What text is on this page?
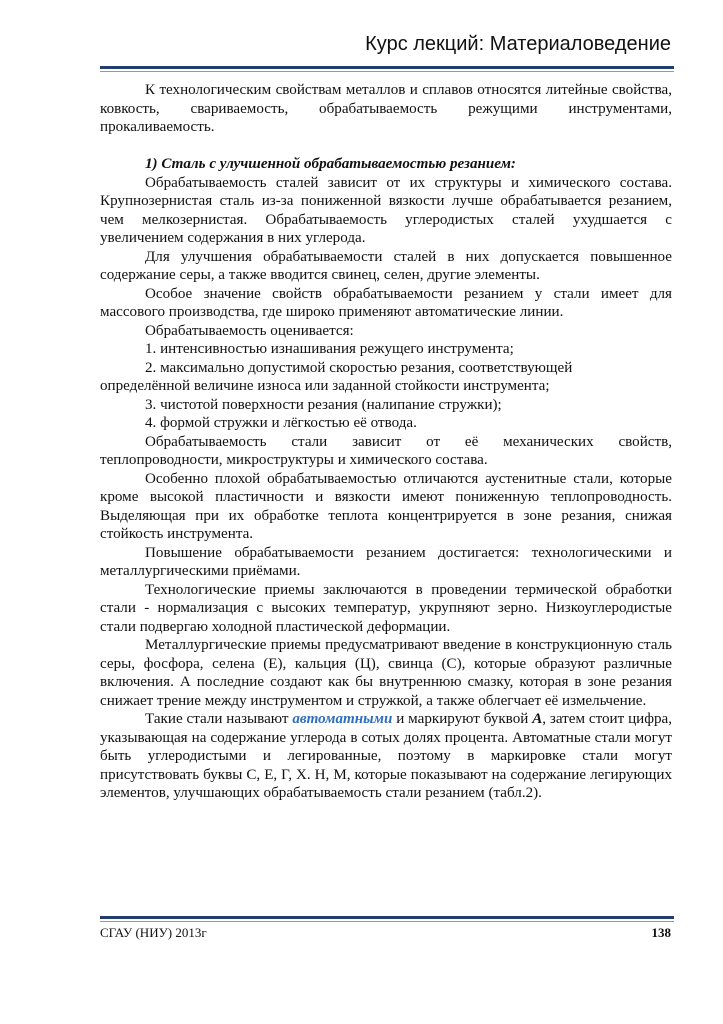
Курс лекций: Материаловедение

К технологическим свойствам металлов и сплавов относятся литейные свойства, ковкость, свариваемость, обрабатываемость режущими инструментами, прокаливаемость.

1) Сталь с улучшенной обрабатываемостью резанием:

Обрабатываемость сталей зависит от их структуры и химического состава. Крупнозернистая сталь из-за пониженной вязкости лучше обрабатывается резанием, чем мелкозернистая. Обрабатываемость углеродистых сталей ухудшается с увеличением содержания в них углерода.

Для улучшения обрабатываемости сталей в них допускается повышенное содержание серы, а также вводится свинец, селен, другие элементы.

Особое значение свойств обрабатываемости резанием у стали имеет для массового производства, где широко применяют автоматические линии.

Обрабатываемость оценивается:

1. интенсивностью изнашивания режущего инструмента;

2. максимально допустимой скоростью резания, соответствующей

определённой величине износа или заданной стойкости инструмента;

3. чистотой поверхности резания (налипание стружки);

4. формой стружки и лёгкостью её отвода.

Обрабатываемость стали зависит от её механических свойств, теплопроводности, микроструктуры и химического состава.

Особенно плохой обрабатываемостью отличаются аустенитные стали, которые кроме высокой пластичности и вязкости имеют пониженную теплопроводность. Выделяющая при их обработке теплота концентрируется в зоне резания, снижая стойкость инструмента.

Повышение обрабатываемости резанием достигается: технологическими и металлургическими приёмами.

Технологические приемы заключаются в проведении термической обработки стали - нормализация с высоких температур, укрупняют зерно. Низкоуглеродистые стали подвергаю холодной пластической деформации.

Металлургические приемы предусматривают введение в конструкционную сталь серы, фосфора, селена (Е), кальция (Ц), свинца (С), которые образуют различные включения. А последние создают как бы внутреннюю смазку, которая в зоне резания снижает трение между инструментом и стружкой, а также облегчает её измельчение.

Такие стали называют автоматными и маркируют буквой А, затем стоит цифра, указывающая на содержание углерода в сотых долях процента. Автоматные стали могут быть углеродистыми и легированные, поэтому в маркировке стали могут присутствовать буквы С, Е, Г, Х. Н, М, которые показывают на содержание легирующих элементов, улучшающих обрабатываемость стали резанием (табл.2).

СГАУ (НИУ) 2013г	138
